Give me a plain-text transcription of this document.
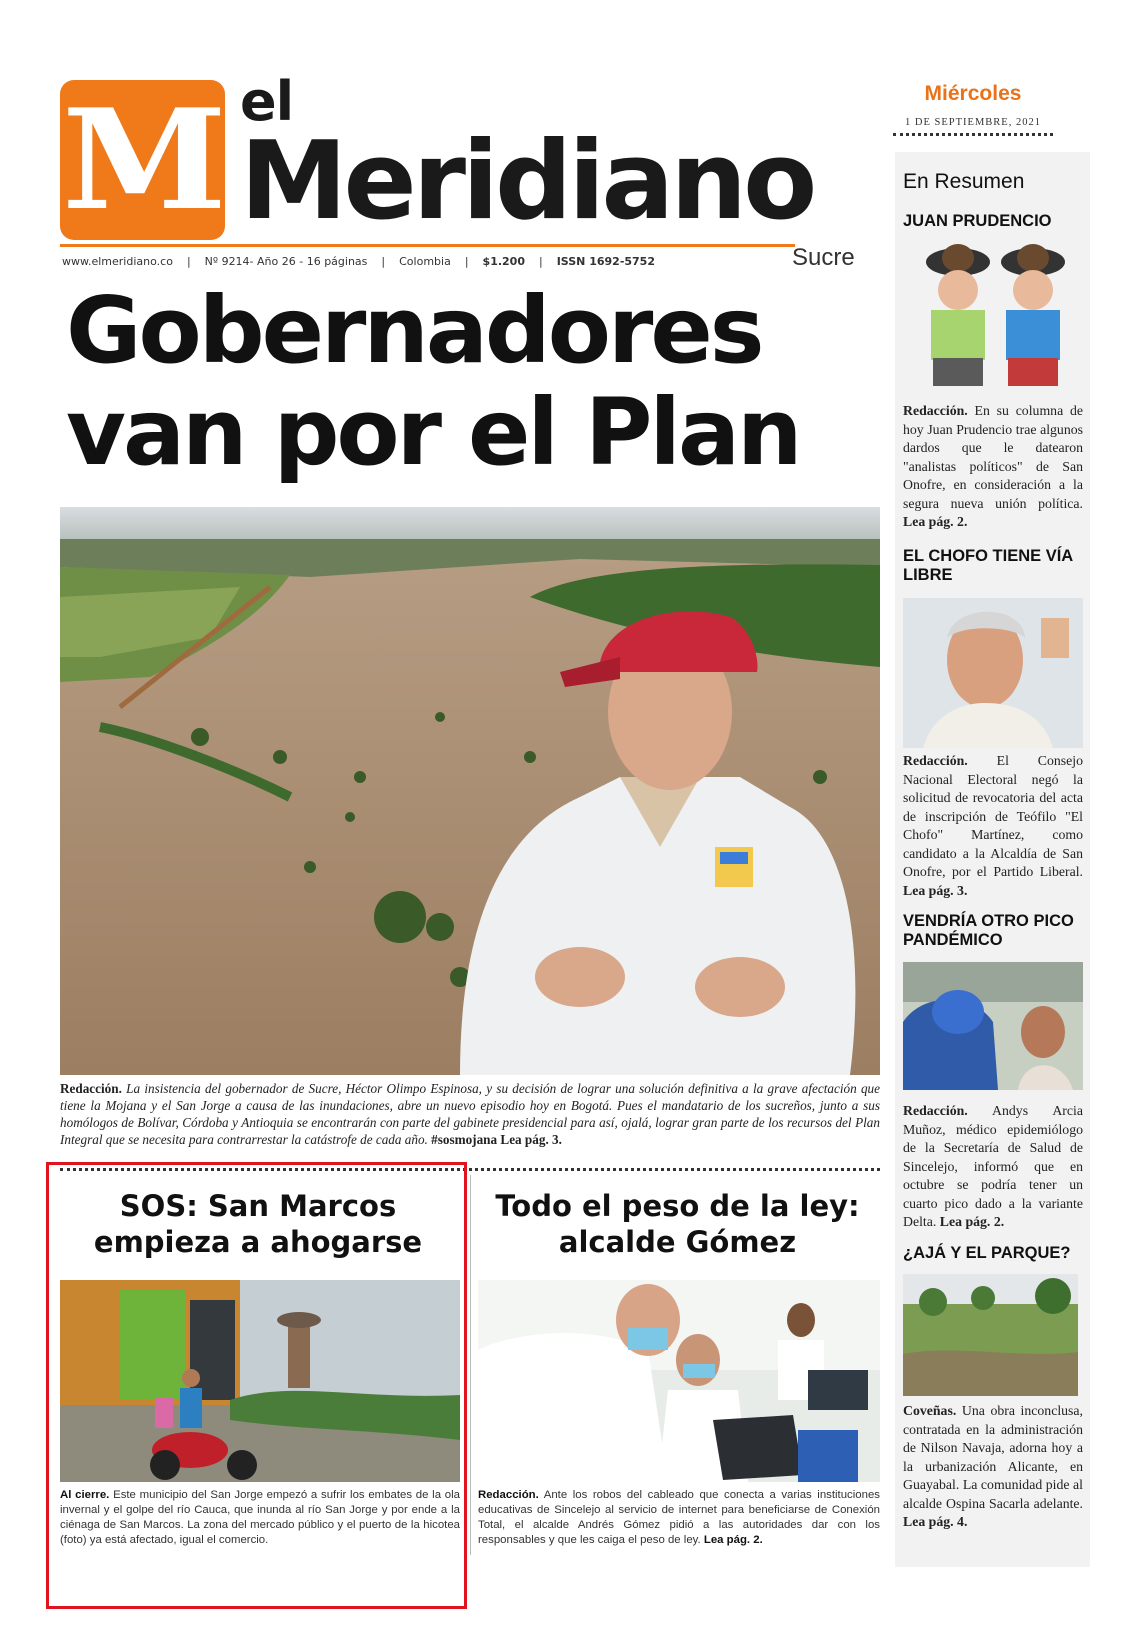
M el
Meridiano
www.elmeridiano.co | Nº 9214- Año 26 - 16 páginas | Colombia | $1.200 | ISSN 1692-5752	Sucre
Miércoles
1 DE SEPTIEMBRE, 2021
Gobernadores
van por el Plan
Redacción. La insistencia del gobernador de Sucre, Héctor Olimpo Espinosa, y su decisión de lograr una solución definitiva a la grave afectación que tiene la Mojana y el San Jorge a causa de las inundaciones, abre un nuevo episodio hoy en Bogotá. Pues el mandatario de los sucreños, junto a sus homólogos de Bolívar, Córdoba y Antioquia se encontrarán con parte del gabinete presidencial para así, ojalá, lograr gran parte de los recursos del Plan Integral que se necesita para contrarrestar la catástrofe de cada año. #sosmojana Lea pág. 3.
SOS: San Marcos empieza a ahogarse
Al cierre. Este municipio del San Jorge empezó a sufrir los embates de la ola invernal y el golpe del río Cauca, que inunda al río San Jorge y por ende a la ciénaga de San Marcos. La zona del mercado público y el puerto de la hicotea (foto) ya está afectado, igual el comercio.
Todo el peso de la ley: alcalde Gómez
Redacción. Ante los robos del cableado que conecta a varias instituciones educativas de Sincelejo al servicio de internet para beneficiarse de Conexión Total, el alcalde Andrés Gómez pidió a las autoridades dar con los responsables y que les caiga el peso de ley. Lea pág. 2.
En Resumen
JUAN PRUDENCIO
Redacción. En su columna de hoy Juan Prudencio trae algunos dardos que le datearon "analistas políticos" de San Onofre, en consideración a la segura nueva unión política. Lea pág. 2.
EL CHOFO TIENE VÍA LIBRE
Redacción. El Consejo Nacional Electoral negó la solicitud de revocatoria del acta de inscripción de Teófilo "El Chofo" Martínez, como candidato a la Alcaldía de San Onofre, por el Partido Liberal. Lea pág. 3.
VENDRÍA OTRO PICO PANDÉMICO
Redacción. Andys Arcia Muñoz, médico epidemiólogo de la Secretaría de Salud de Sincelejo, informó que en octubre se podría tener un cuarto pico dado a la variante Delta. Lea pág. 2.
¿AJÁ Y EL PARQUE?
Coveñas. Una obra inconclusa, contratada en la administración de Nilson Navaja, adorna hoy a la urbanización Alicante, en Guayabal. La comunidad pide al alcalde Ospina Sacarla adelante. Lea pág. 4.
